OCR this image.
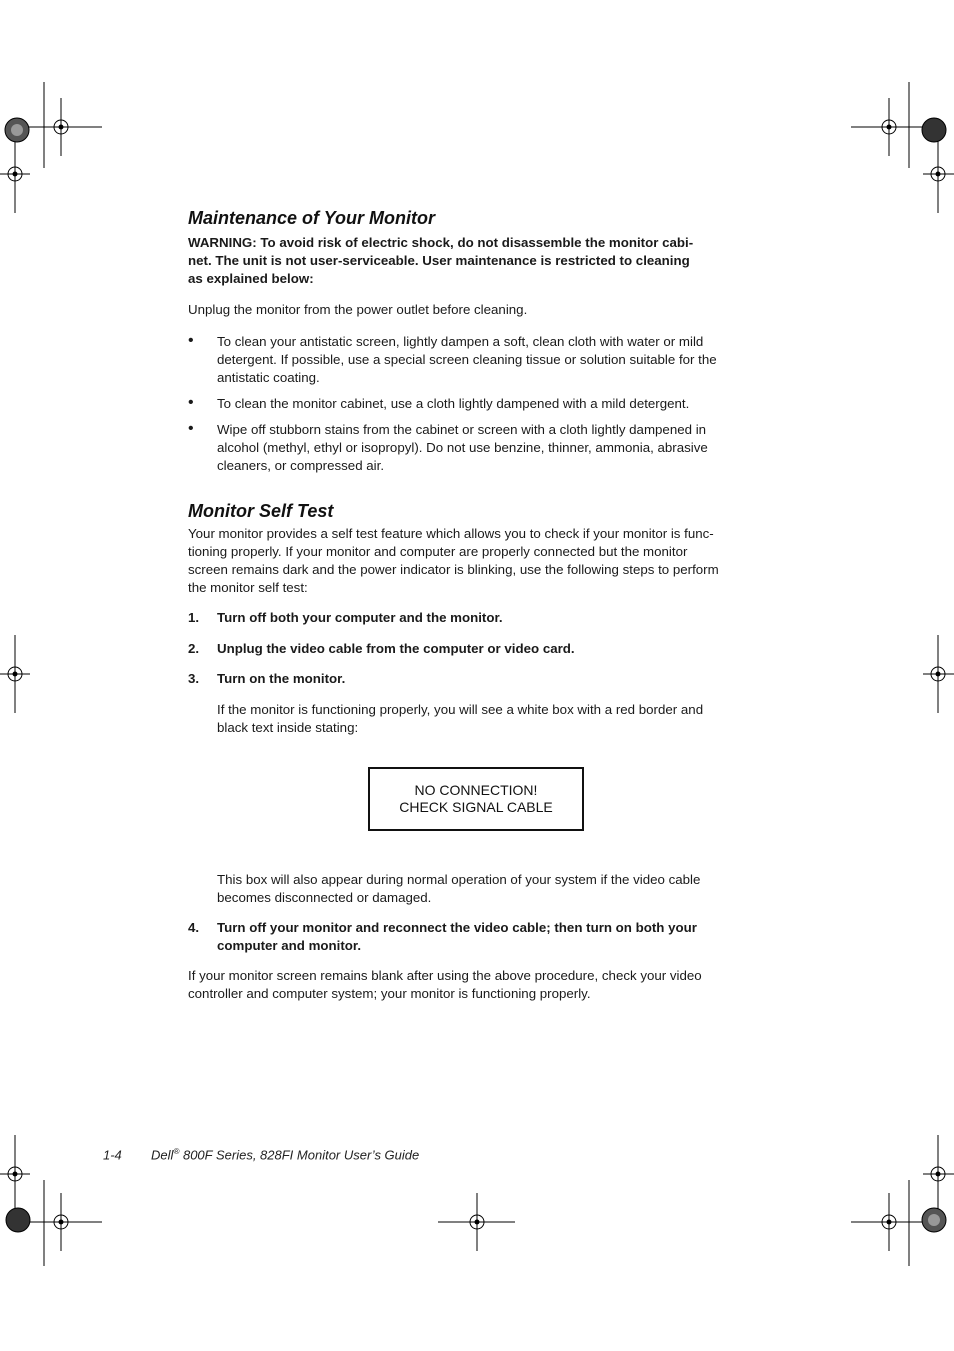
Maintenance of Your Monitor
WARNING: To avoid risk of electric shock, do not disassemble the monitor cabi-
net. The unit is not user-serviceable. User maintenance is restricted to cleaning
as explained below:

Unplug the monitor from the power outlet before cleaning.

• To clean your antistatic screen, lightly dampen a soft, clean cloth with water or mild
detergent. If possible, use a special screen cleaning tissue or solution suitable for the
antistatic coating.
• To clean the monitor cabinet, use a cloth lightly dampened with a mild detergent.
• Wipe off stubborn stains from the cabinet or screen with a cloth lightly dampened in
alcohol (methyl, ethyl or isopropyl). Do not use benzine, thinner, ammonia, abrasive
cleaners, or compressed air.
Monitor Self Test
Your monitor provides a self test feature which allows you to check if your monitor is func-
tioning properly. If your monitor and computer are properly connected but the monitor
screen remains dark and the power indicator is blinking, use the following steps to perform
the monitor self test:
1. Turn off both your computer and the monitor.
2. Unplug the video cable from the computer or video card.
3. Turn on the monitor.
If the monitor is functioning properly, you will see a white box with a red border and
black text inside stating:
NO CONNECTION!
CHECK SIGNAL CABLE
This box will also appear during normal operation of your system if the video cable
becomes disconnected or damaged.
4. Turn off your monitor and reconnect the video cable; then turn on both your
computer and monitor.
If your monitor screen remains blank after using the above procedure, check your video
controller and computer system; your monitor is functioning properly.
1-4 Dell® 800F Series, 828FI Monitor User’s Guide
